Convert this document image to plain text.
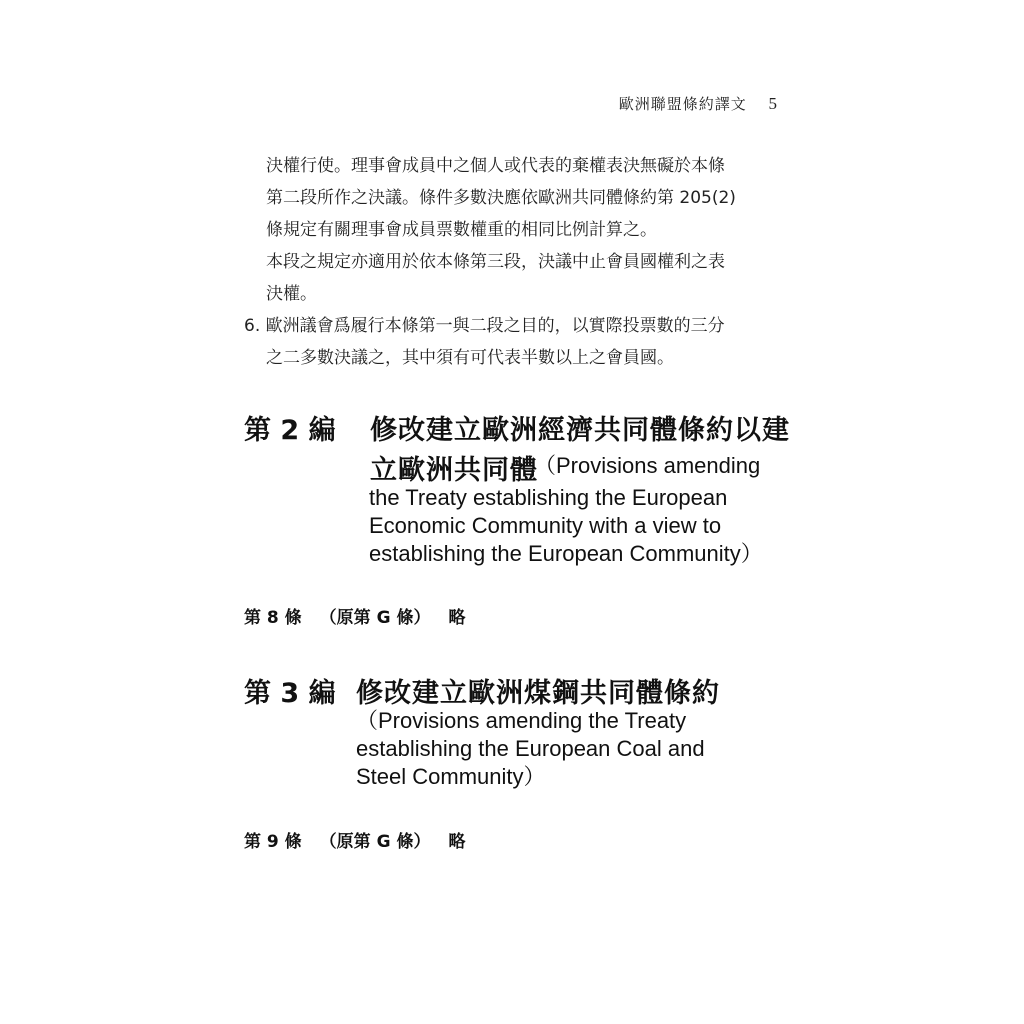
歐洲聯盟條約譯文 5
決權行使。理事會成員中之個人或代表的棄權表決無礙於本條
第二段所作之決議。條件多數決應依歐洲共同體條約第 205(2)
條規定有關理事會成員票數權重的相同比例計算之。
本段之規定亦適用於依本條第三段，決議中止會員國權利之表
決權。
6. 歐洲議會爲履行本條第一與二段之目的，以實際投票數的三分
之二多數決議之，其中須有可代表半數以上之會員國。
第 2 編 修改建立歐洲經濟共同體條約以建
立歐洲共同體
（Provisions amending
the Treaty establishing the European
Economic Community with a view to
establishing the European Community）
第 8 條 （原第 G 條） 略
第 3 編 修改建立歐洲煤鋼共同體條約
（Provisions amending the Treaty
establishing the European Coal and
Steel Community）
第 9 條 （原第 G 條） 略
